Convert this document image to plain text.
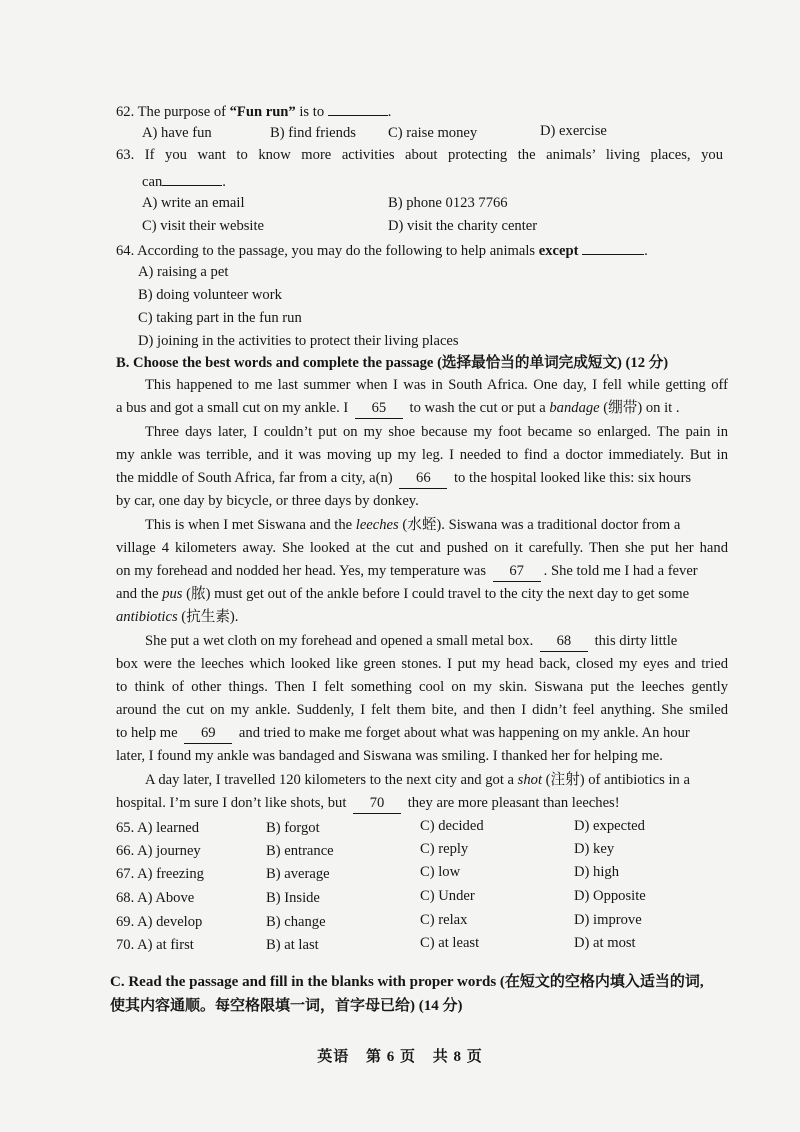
62. The purpose of “Fun run” is to	.
A) have fun	B) find friends C) raise money	D) exercise
63. If you want to know more activities about protecting the animals’ living places, you
can	.
A) write an email	B) phone 0123 7766
C) visit their website	D) visit the charity center
64. According to the passage, you may do the following to help animals except	.
A) raising a pet
B) doing volunteer work
C) taking part in the fun run
D) joining in the activities to protect their living places
B. Choose the best words and complete the passage (选择最恰当的单词完成短文) (12 分)
This happened to me last summer when I was in South Africa. One day, I fell while getting off
a bus and got a small cut on my ankle. I 65 to wash the cut or put a bandage (绷带) on it .
Three days later, I couldn’t put on my shoe because my foot became so enlarged. The pain in
my ankle was terrible, and it was moving up my leg. I needed to find a doctor immediately. But in
the middle of South Africa, far from a city, a(n) 66 to the hospital looked like this: six hours
by car, one day by bicycle, or three days by donkey.
This is when I met Siswana and the leeches (水蛭). Siswana was a traditional doctor from a
village 4 kilometers away. She looked at the cut and pushed on it carefully. Then she put her hand
on my forehead and nodded her head. Yes, my temperature was 67 . She told me I had a fever
and the pus (脓) must get out of the ankle before I could travel to the city the next day to get some
antibiotics (抗生素).
She put a wet cloth on my forehead and opened a small metal box. 68 this dirty little
box were the leeches which looked like green stones. I put my head back, closed my eyes and tried
to think of other things. Then I felt something cool on my skin. Siswana put the leeches gently
around the cut on my ankle. Suddenly, I felt them bite, and then I didn’t feel anything. She smiled
to help me 69 and tried to make me forget about what was happening on my ankle. An hour
later, I found my ankle was bandaged and Siswana was smiling. I thanked her for helping me.
A day later, I travelled 120 kilometers to the next city and got a shot (注射) of antibiotics in a
hospital. I’m sure I don’t like shots, but 70 they are more pleasant than leeches!
65. A) learned	B) forgot	C) decided	D) expected
66. A) journey	B) entrance	C) reply	D) key
67. A) freezing	B) average	C) low	D) high
68. A) Above	B) Inside	C) Under	D) Opposite
69. A) develop	B) change	C) relax	D) improve
70. A) at first	B) at last	C) at least	D) at most
C. Read the passage and fill in the blanks with proper words (在短文的空格内填入适当的词,
使其内容通顺。每空格限填一词，首字母已给) (14 分)
英语 第 6 页 共 8 页
